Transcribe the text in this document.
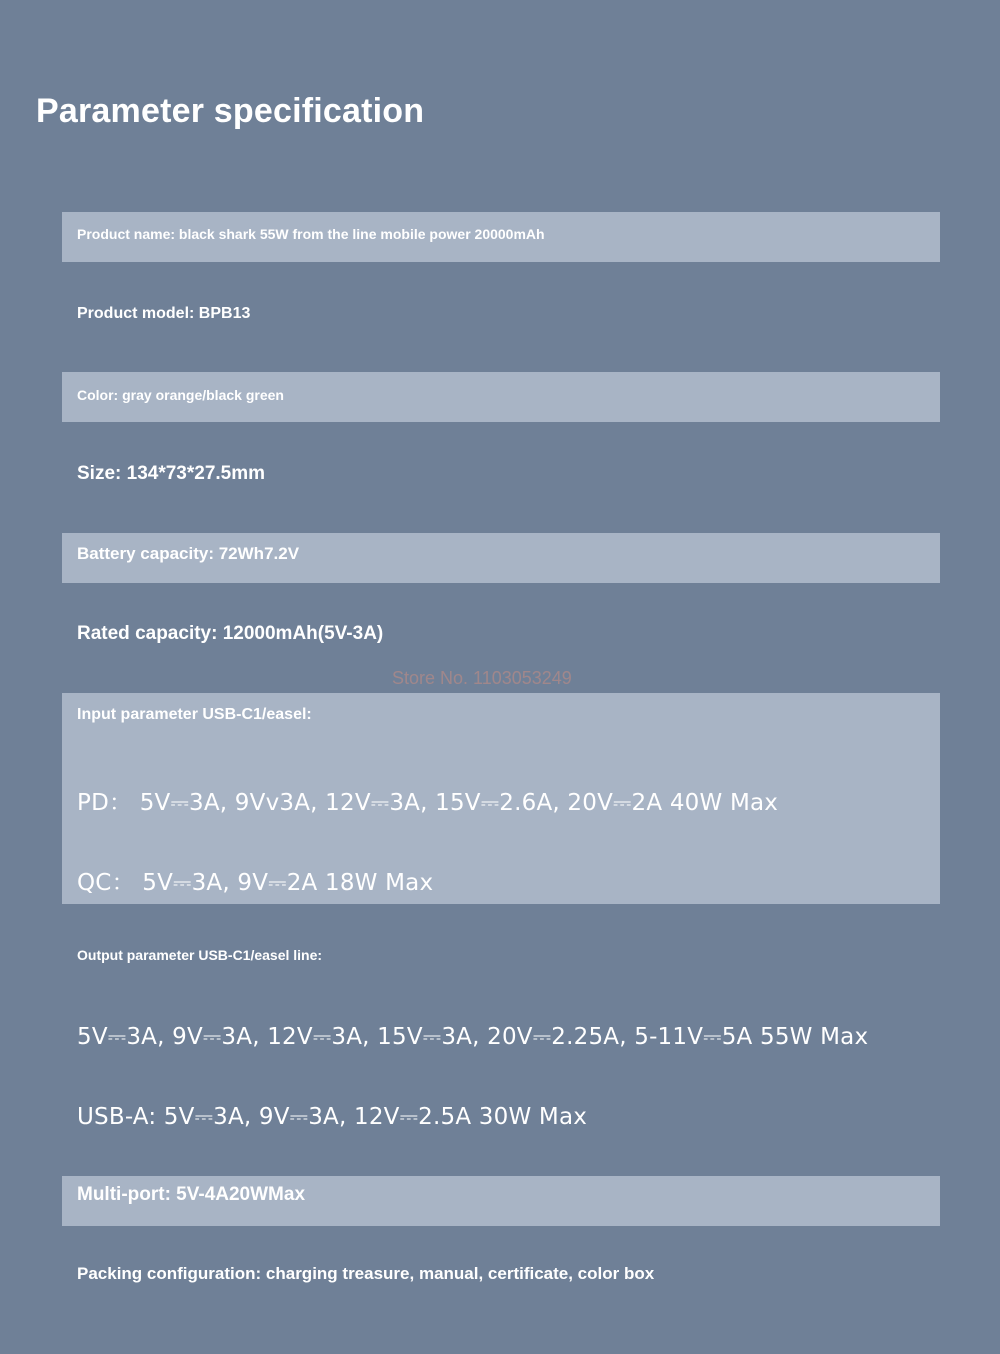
Parameter specification
Store No. 1103053249
Product name: black shark 55W from the line mobile power 20000mAh
Product model: BPB13
Color: gray orange/black green
Size: 134*73*27.5mm
Battery capacity: 72Wh7.2V
Rated capacity: 12000mAh(5V-3A)
Input parameter USB-C1/easel:
PD： 5V⎓3A, 9Vv3A, 12V⎓3A, 15V⎓2.6A, 20V⎓2A 40W Max
QC： 5V⎓3A, 9V⎓2A 18W Max
Output parameter USB-C1/easel line:
5V⎓3A, 9V⎓3A, 12V⎓3A, 15V⎓3A, 20V⎓2.25A, 5-11V⎓5A 55W Max
USB-A: 5V⎓3A, 9V⎓3A, 12V⎓2.5A 30W Max
Multi-port: 5V-4A20WMax
Packing configuration: charging treasure, manual, certificate, color box
